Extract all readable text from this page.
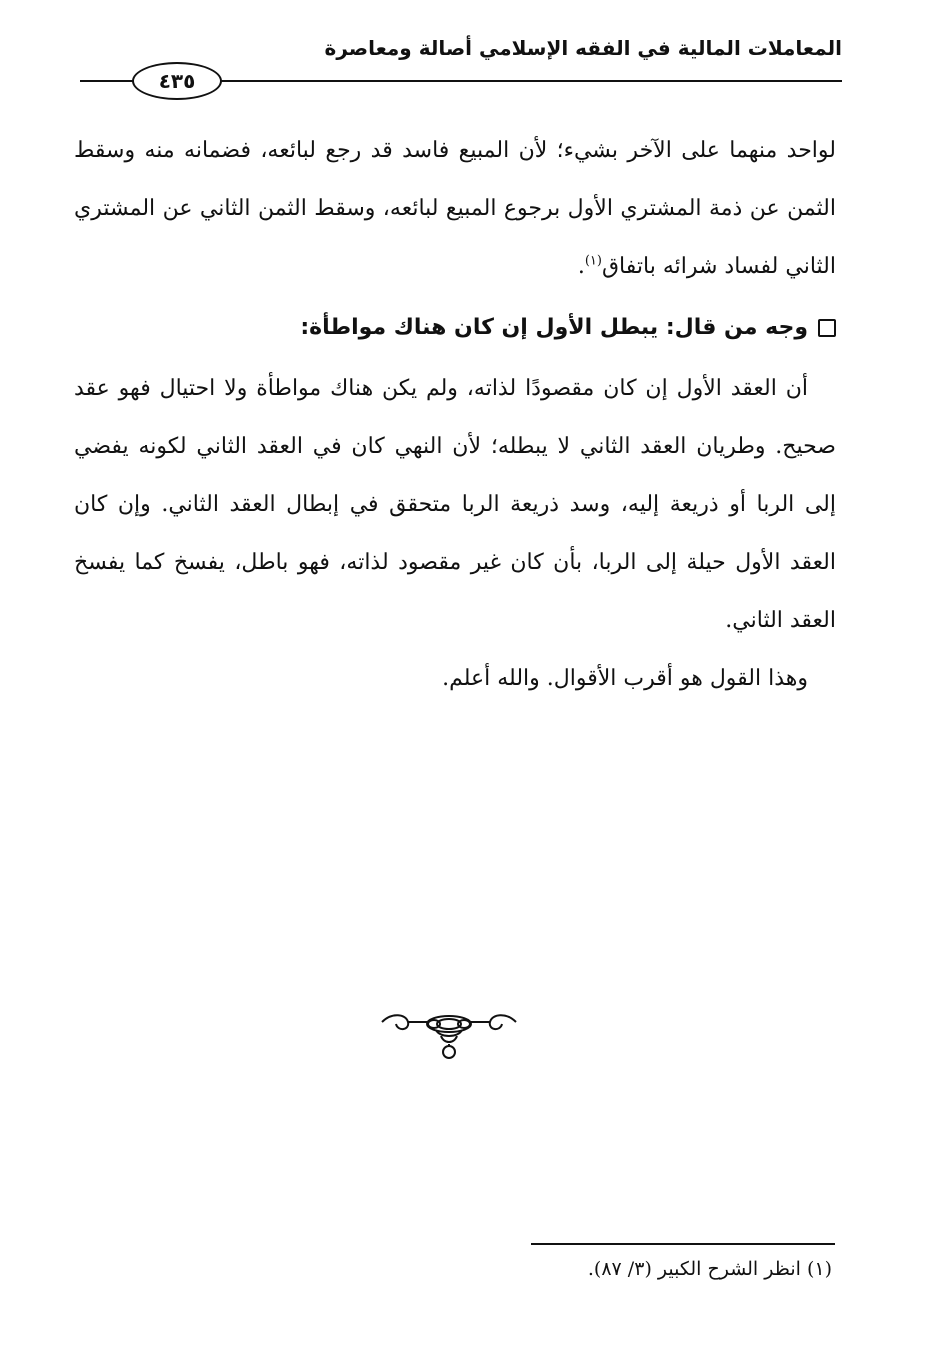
المعاملات المالية في الفقه الإسلامي أصالة ومعاصرة
٤٣٥

لواحد منهما على الآخر بشيء؛ لأن المبيع فاسد قد رجع لبائعه، فضمانه منه وسقط الثمن عن ذمة المشتري الأول برجوع المبيع لبائعه، وسقط الثمن الثاني عن المشتري الثاني لفساد شرائه باتفاق$^{(١)}$.

وجه من قال: يبطل الأول إن كان هناك مواطأة:

أن العقد الأول إن كان مقصودًا لذاته، ولم يكن هناك مواطأة ولا احتيال فهو عقد صحيح. وطريان العقد الثاني لا يبطله؛ لأن النهي كان في العقد الثاني لكونه يفضي إلى الربا أو ذريعة إليه، وسد ذريعة الربا متحقق في إبطال العقد الثاني. وإن كان العقد الأول حيلة إلى الربا، بأن كان غير مقصود لذاته، فهو باطل، يفسخ كما يفسخ العقد الثاني.

وهذا القول هو أقرب الأقوال. والله أعلم.

(١) انظر الشرح الكبير (٣/ ٨٧).
